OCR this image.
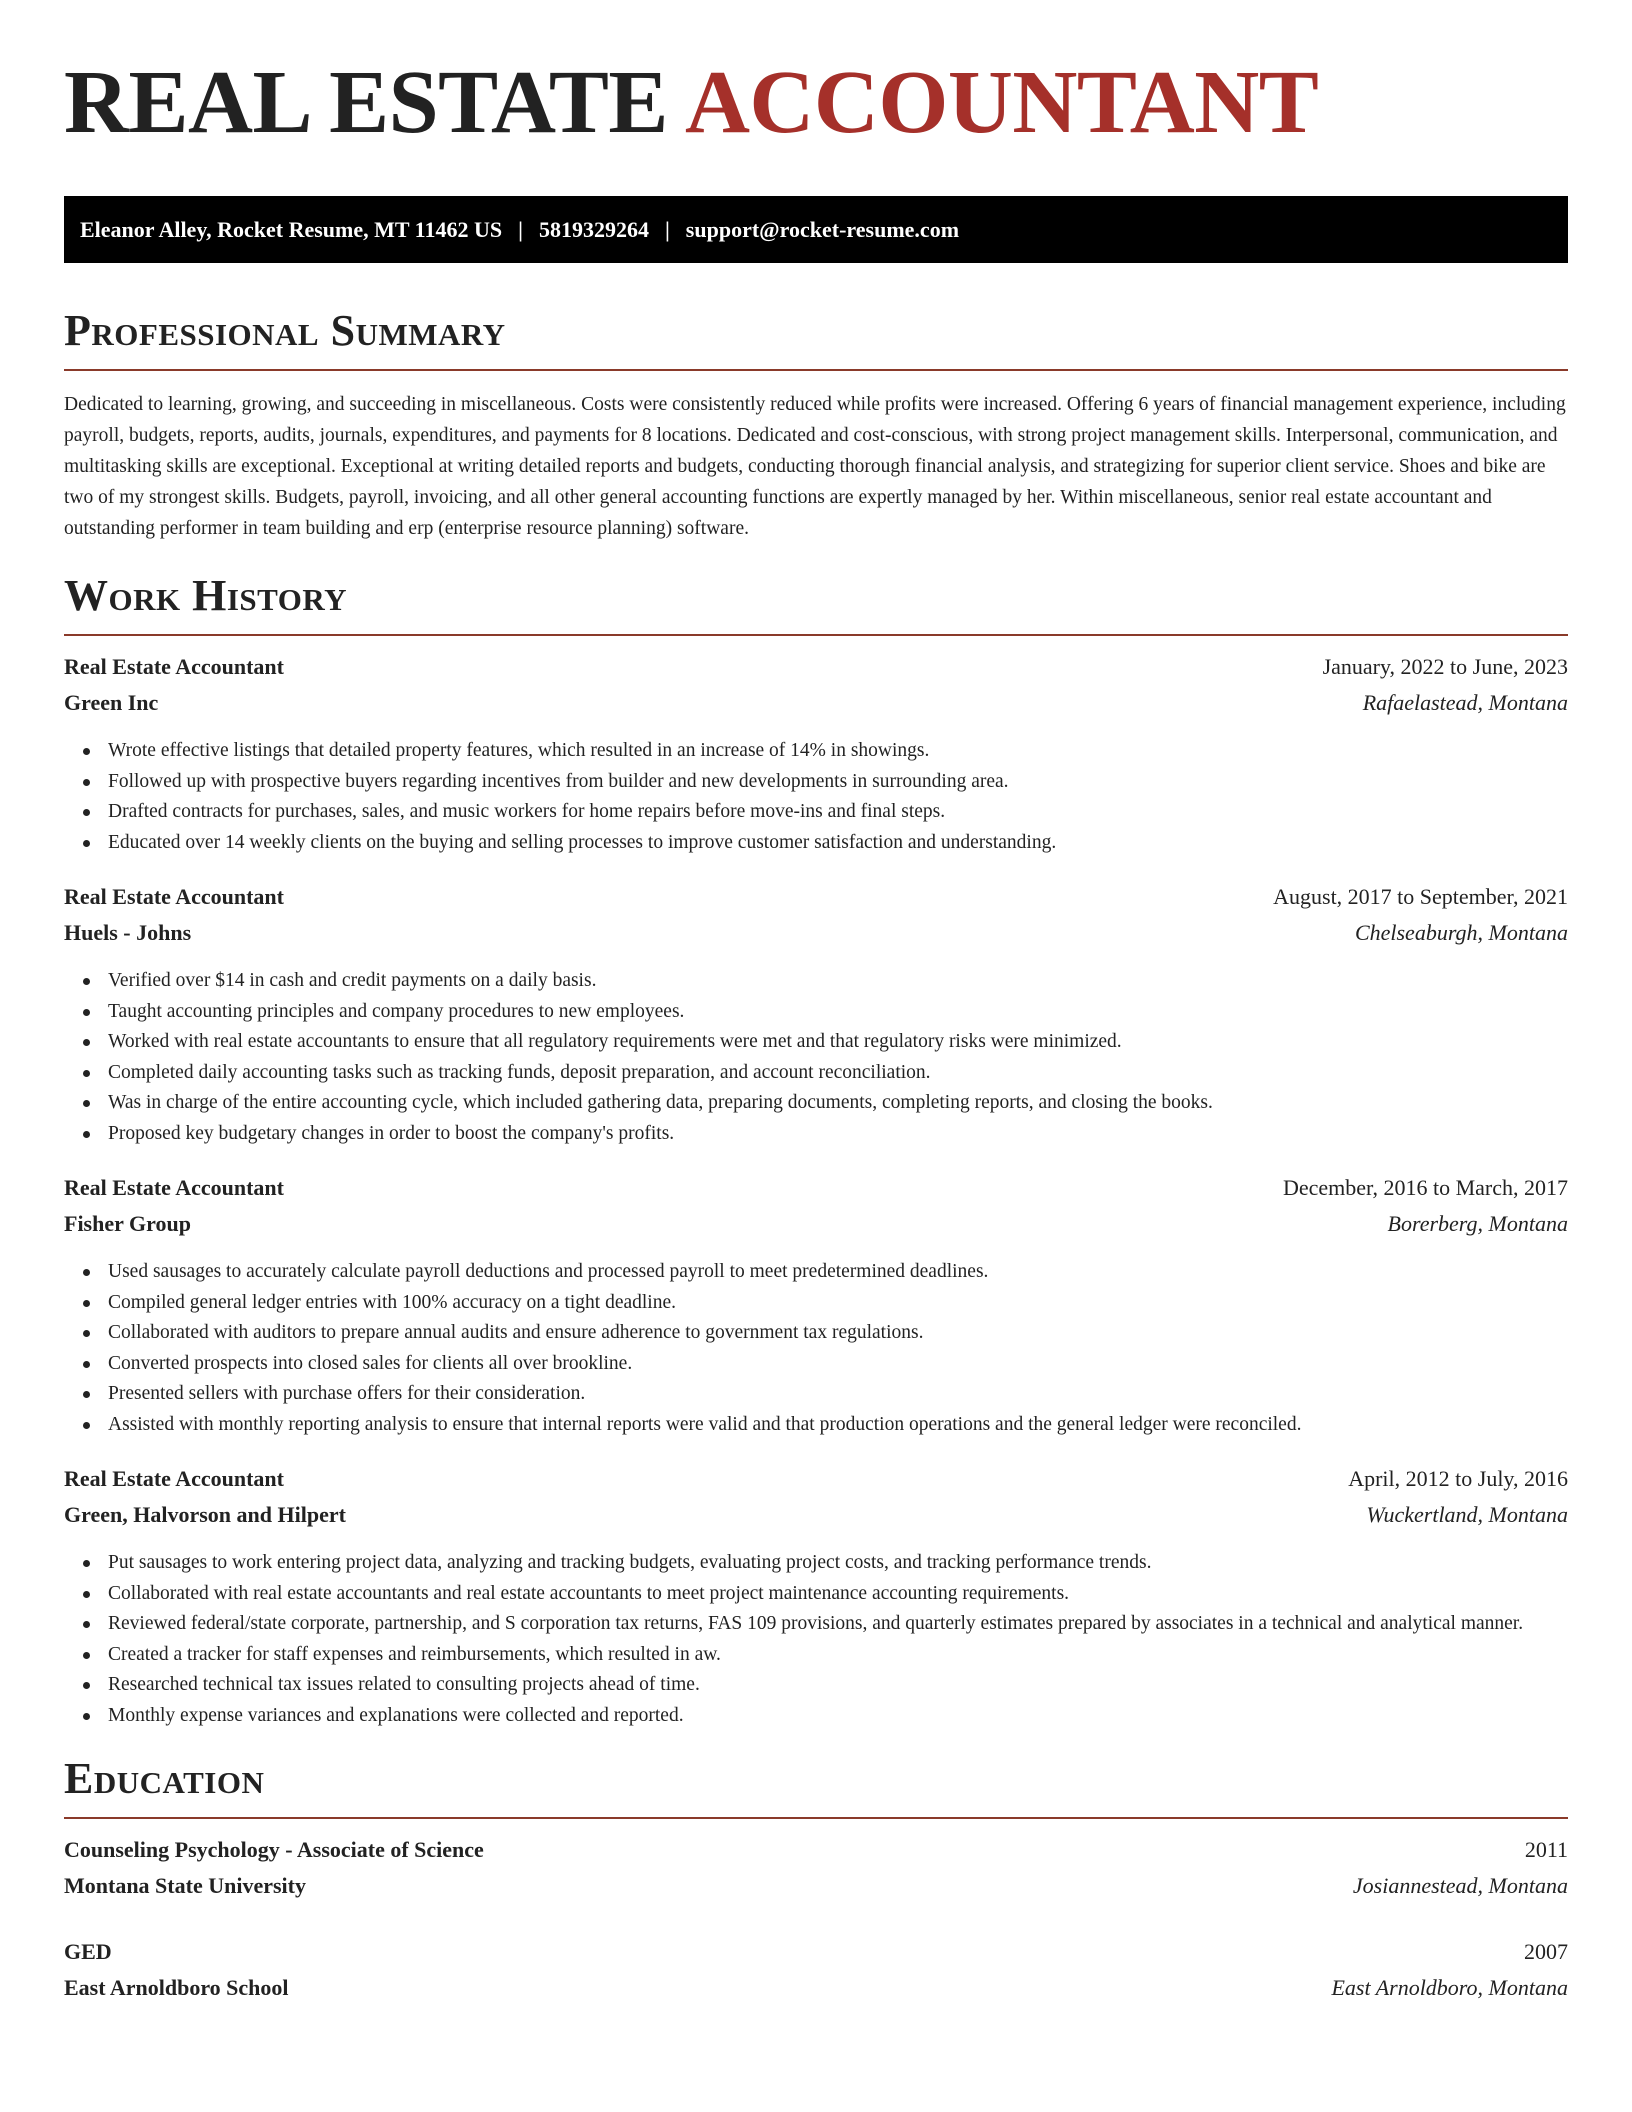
REAL ESTATE ACCOUNTANT
Eleanor Alley, Rocket Resume, MT 11462 US | 5819329264 | support@rocket-resume.com
Professional Summary

Dedicated to learning, growing, and succeeding in miscellaneous. Costs were consistently reduced while profits were increased. Offering 6 years of financial management experience, including payroll, budgets, reports, audits, journals, expenditures, and payments for 8 locations. Dedicated and cost-conscious, with strong project management skills. Interpersonal, communication, and multitasking skills are exceptional. Exceptional at writing detailed reports and budgets, conducting thorough financial analysis, and strategizing for superior client service. Shoes and bike are two of my strongest skills. Budgets, payroll, invoicing, and all other general accounting functions are expertly managed by her. Within miscellaneous, senior real estate accountant and outstanding performer in team building and erp (enterprise resource planning) software.

Work History
Real Estate Accountant	January, 2022 to June, 2023
Green Inc	Rafaelastead, Montana
Wrote effective listings that detailed property features, which resulted in an increase of 14% in showings.
Followed up with prospective buyers regarding incentives from builder and new developments in surrounding area.
Drafted contracts for purchases, sales, and music workers for home repairs before move-ins and final steps.
Educated over 14 weekly clients on the buying and selling processes to improve customer satisfaction and understanding.
Real Estate Accountant	August, 2017 to September, 2021
Huels - Johns	Chelseaburgh, Montana
Verified over $14 in cash and credit payments on a daily basis.
Taught accounting principles and company procedures to new employees.
Worked with real estate accountants to ensure that all regulatory requirements were met and that regulatory risks were minimized.
Completed daily accounting tasks such as tracking funds, deposit preparation, and account reconciliation.
Was in charge of the entire accounting cycle, which included gathering data, preparing documents, completing reports, and closing the books.
Proposed key budgetary changes in order to boost the company's profits.
Real Estate Accountant	December, 2016 to March, 2017
Fisher Group	Borerberg, Montana
Used sausages to accurately calculate payroll deductions and processed payroll to meet predetermined deadlines.
Compiled general ledger entries with 100% accuracy on a tight deadline.
Collaborated with auditors to prepare annual audits and ensure adherence to government tax regulations.
Converted prospects into closed sales for clients all over brookline.
Presented sellers with purchase offers for their consideration.
Assisted with monthly reporting analysis to ensure that internal reports were valid and that production operations and the general ledger were reconciled.
Real Estate Accountant	April, 2012 to July, 2016
Green, Halvorson and Hilpert	Wuckertland, Montana
Put sausages to work entering project data, analyzing and tracking budgets, evaluating project costs, and tracking performance trends.
Collaborated with real estate accountants and real estate accountants to meet project maintenance accounting requirements.
Reviewed federal/state corporate, partnership, and S corporation tax returns, FAS 109 provisions, and quarterly estimates prepared by associates in a technical and analytical manner.
Created a tracker for staff expenses and reimbursements, which resulted in aw.
Researched technical tax issues related to consulting projects ahead of time.
Monthly expense variances and explanations were collected and reported.
Education
Counseling Psychology - Associate of Science	2011
Montana State University	Josiannestead, Montana
GED	2007
East Arnoldboro School	East Arnoldboro, Montana
